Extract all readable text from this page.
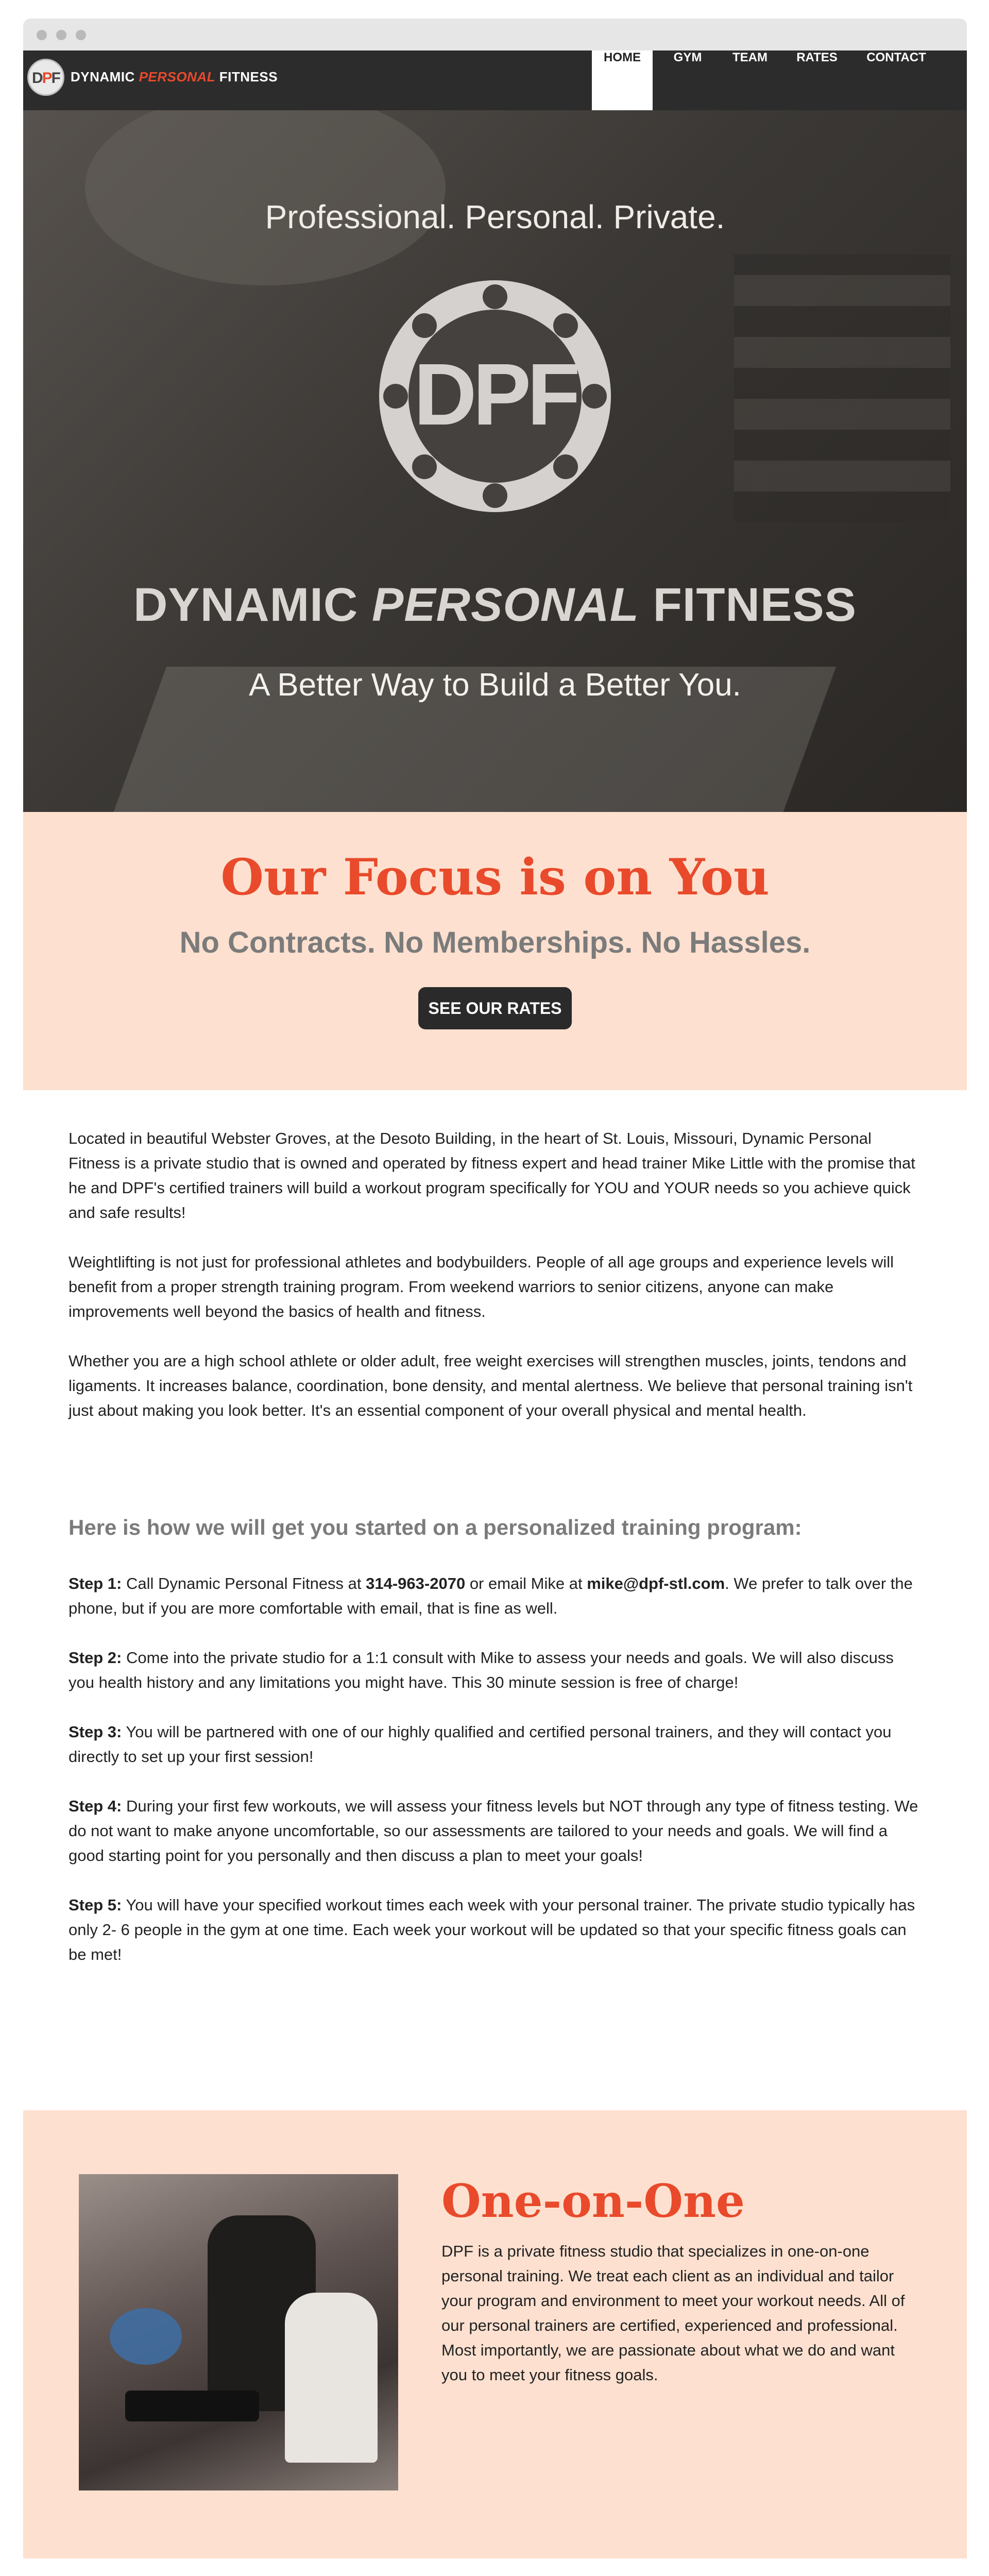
DPF DYNAMIC PERSONAL FITNESS
HOME	GYM	TEAM	RATES	CONTACT
Professional. Personal. Private.
DPF
DYNAMIC PERSONAL FITNESS
A Better Way to Build a Better You.
Our Focus is on You
No Contracts. No Memberships. No Hassles.
SEE OUR RATES

Located in beautiful Webster Groves, at the Desoto Building, in the heart of St. Louis, Missouri, Dynamic Personal Fitness is a private studio that is owned and operated by fitness expert and head trainer Mike Little with the promise that he and DPF's certified trainers will build a workout program specifically for YOU and YOUR needs so you achieve quick and safe results!

Weightlifting is not just for professional athletes and bodybuilders. People of all age groups and experience levels will benefit from a proper strength training program. From weekend warriors to senior citizens, anyone can make improvements well beyond the basics of health and fitness.

Whether you are a high school athlete or older adult, free weight exercises will strengthen muscles, joints, tendons and ligaments. It increases balance, coordination, bone density, and mental alertness. We believe that personal training isn't just about making you look better. It's an essential component of your overall physical and mental health.

Here is how we will get you started on a personalized training program:

Step 1: Call Dynamic Personal Fitness at 314-963-2070 or email Mike at mike@dpf-stl.com. We prefer to talk over the phone, but if you are more comfortable with email, that is fine as well.

Step 2: Come into the private studio for a 1:1 consult with Mike to assess your needs and goals. We will also discuss you health history and any limitations you might have. This 30 minute session is free of charge!

Step 3: You will be partnered with one of our highly qualified and certified personal trainers, and they will contact you directly to set up your first session!

Step 4: During your first few workouts, we will assess your fitness levels but NOT through any type of fitness testing. We do not want to make anyone uncomfortable, so our assessments are tailored to your needs and goals. We will find a good starting point for you personally and then discuss a plan to meet your goals!

Step 5: You will have your specified workout times each week with your personal trainer. The private studio typically has only 2- 6 people in the gym at one time. Each week your workout will be updated so that your specific fitness goals can be met!

One-on-One

DPF is a private fitness studio that specializes in one-on-one personal training. We treat each client as an individual and tailor your program and environment to meet your workout needs. All of our personal trainers are certified, experienced and professional. Most importantly, we are passionate about what we do and want you to meet your fitness goals.
